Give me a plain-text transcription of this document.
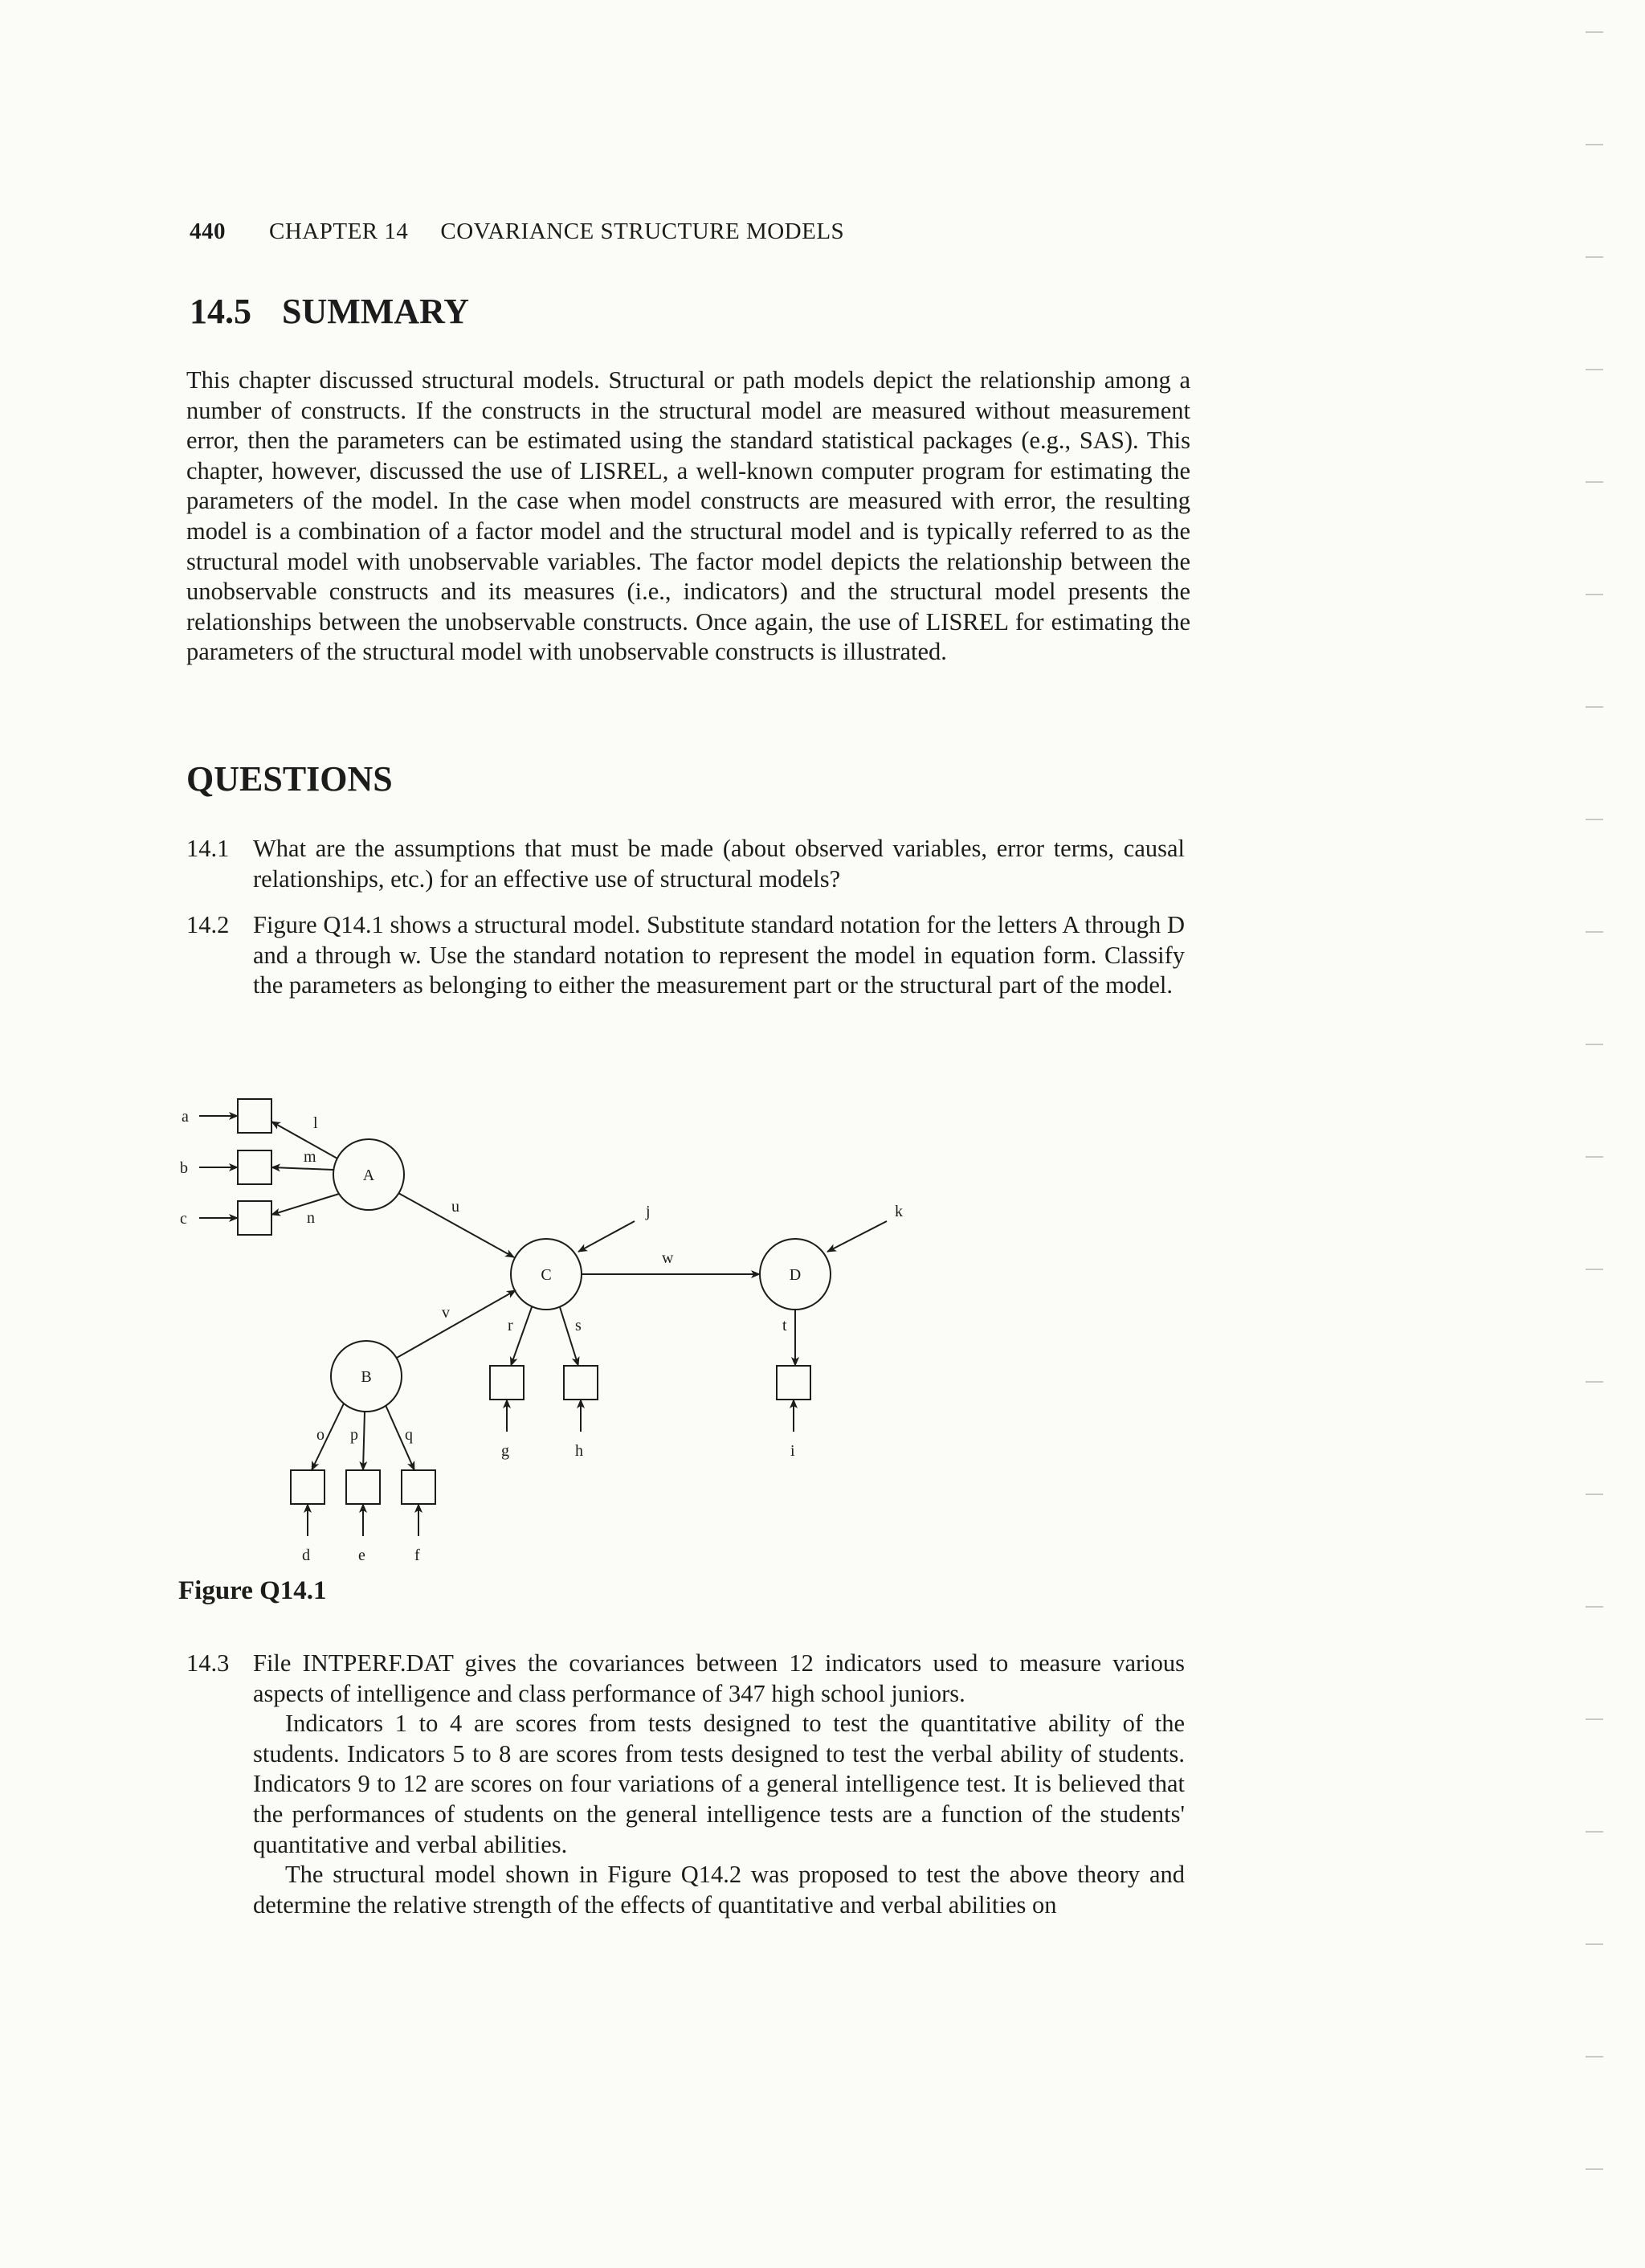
440 CHAPTER 14 COVARIANCE STRUCTURE MODELS
14.5 SUMMARY

This chapter discussed structural models. Structural or path models depict the relationship among a number of constructs. If the constructs in the structural model are measured without measurement error, then the parameters can be estimated using the standard statistical packages (e.g., SAS). This chapter, however, discussed the use of LISREL, a well-known computer program for estimating the parameters of the model. In the case when model constructs are measured with error, the resulting model is a combination of a factor model and the structural model and is typically referred to as the structural model with unobservable variables. The factor model depicts the relationship between the unobservable constructs and its measures (i.e., indicators) and the structural model presents the relationships between the unobservable constructs. Once again, the use of LISREL for estimating the parameters of the structural model with unobservable constructs is illustrated.

QUESTIONS
14.1 What are the assumptions that must be made (about observed variables, error terms, causal relationships, etc.) for an effective use of structural models?

14.2 Figure Q14.1 shows a structural model. Substitute standard notation for the letters A through D and a through w. Use the standard notation to represent the model in equation form. Classify the parameters as belonging to either the measurement part or the structural part of the model.

A
B
C	D
a
b
c
d	e	f
g	h	i
j	k
l
m
n
o p	q
r	s	t
u
v
w
Figure Q14.1
14.3 File INTPERF.DAT gives the covariances between 12 indicators used to measure various aspects of intelligence and class performance of 347 high school juniors.

Indicators 1 to 4 are scores from tests designed to test the quantitative ability of the students. Indicators 5 to 8 are scores from tests designed to test the verbal ability of students. Indicators 9 to 12 are scores on four variations of a general intelligence test. It is believed that the performances of students on the general intelligence tests are a function of the students' quantitative and verbal abilities.

The structural model shown in Figure Q14.2 was proposed to test the above theory and determine the relative strength of the effects of quantitative and verbal abilities on
